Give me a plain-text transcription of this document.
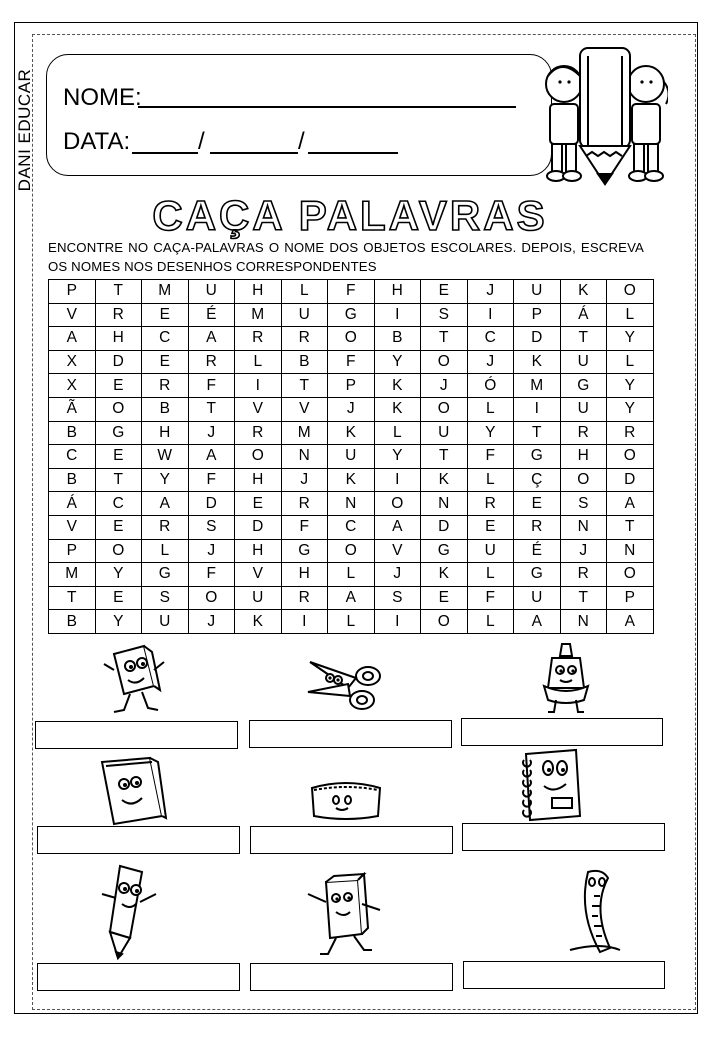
DANI EDUCAR NOME:
DATA:	/	/
CAÇA PALAVRAS
ENCONTRE NO CAÇA-PALAVRAS O NOME DOS OBJETOS ESCOLARES. DEPOIS, ESCREVA OS NOMES NOS DESENHOS CORRESPONDENTES
P	T	M	U	H	L	F	H	E	J	U	K	O
V	R	E	É	M	U	G	I	S	I	P	Á	L
A	H	C	A	R	R	O	B	T	C	D	T	Y
X	D	E	R	L	B	F	Y	O	J	K	U	L
X	E	R	F	I	T	P	K	J	Ó	M	G	Y
Ã	O	B	T	V	V	J	K	O	L	I	U	Y
B	G	H	J	R	M	K	L	U	Y	T	R	R
C	E	W	A	O	N	U	Y	T	F	G	H	O
B	T	Y	F	H	J	K	I	K	L	Ç	O	D
Á	C	A	D	E	R	N	O	N	R	E	S	A
V	E	R	S	D	F	C	A	D	E	R	N	T
P	O	L	J	H	G	O	V	G	U	É	J	N
M	Y	G	F	V	H	L	J	K	L	G	R	O
T	E	S	O	U	R	A	S	E	F	U	T	P
B	Y	U	J	K	I	L	I	O	L	A	N	A
